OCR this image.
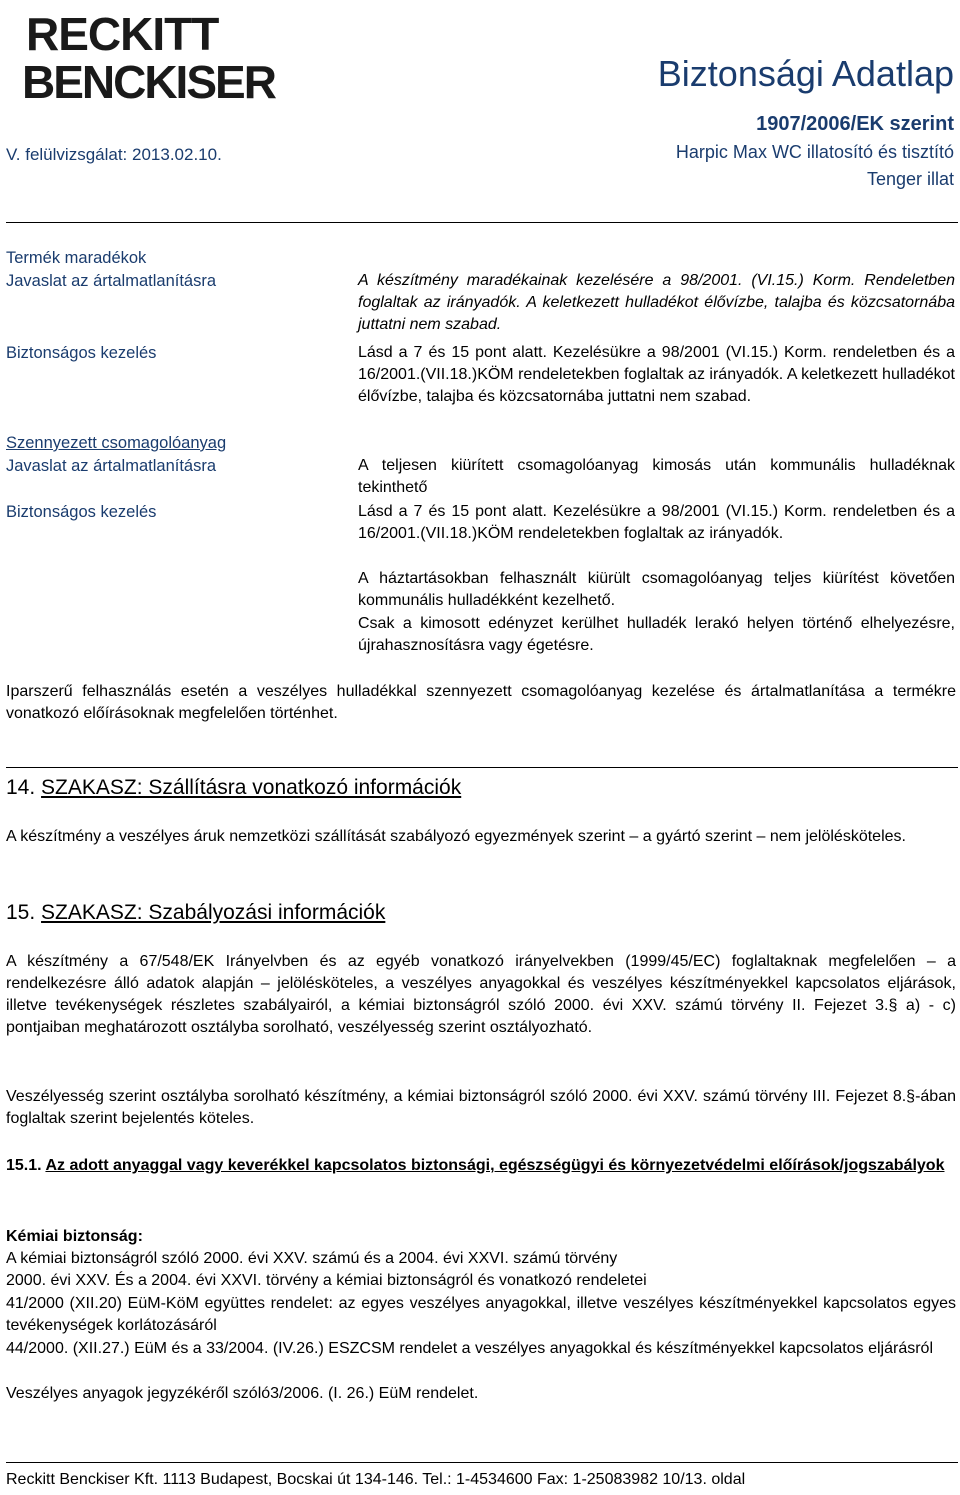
RECKITT
BENCKISER	Biztonsági Adatlap
1907/2006/EK szerint
Harpic Max WC illatosító és tisztító
Tenger illat
V. felülvizsgálat: 2013.02.10.
Termék maradékok
Javaslat az ártalmatlanításra	A készítmény maradékainak kezelésére a 98/2001. (VI.15.) Korm. Rendeletben foglaltak az irányadók. A keletkezett hulladékot élővízbe, talajba és közcsatornába juttatni nem szabad.
Biztonságos kezelés	Lásd a 7 és 15 pont alatt. Kezelésükre a 98/2001 (VI.15.) Korm. rendeletben és a 16/2001.(VII.18.)KÖM rendeletekben foglaltak az irányadók. A keletkezett hulladékot élővízbe, talajba és közcsatornába juttatni nem szabad.
Szennyezett csomagolóanyag
Javaslat az ártalmatlanításra	A teljesen kiürített csomagolóanyag kimosás után kommunális hulladéknak tekinthető
Biztonságos kezelés	Lásd a 7 és 15 pont alatt. Kezelésükre a 98/2001 (VI.15.) Korm. rendeletben és a 16/2001.(VII.18.)KÖM rendeletekben foglaltak az irányadók.
A háztartásokban felhasznált kiürült csomagolóanyag teljes kiürítést követően kommunális hulladékként kezelhető.
Csak a kimosott edényzet kerülhet hulladék lerakó helyen történő elhelyezésre, újrahasznosításra vagy égetésre.
Iparszerű felhasználás esetén a veszélyes hulladékkal szennyezett csomagolóanyag kezelése és ártalmatlanítása a termékre vonatkozó előírásoknak megfelelően történhet.
14. SZAKASZ: Szállításra vonatkozó információk
A készítmény a veszélyes áruk nemzetközi szállítását szabályozó egyezmények szerint – a gyártó szerint – nem jelölésköteles.
15. SZAKASZ: Szabályozási információk
A készítmény a 67/548/EK Irányelvben és az egyéb vonatkozó irányelvekben (1999/45/EC) foglaltaknak megfelelően – a rendelkezésre álló adatok alapján – jelölésköteles, a veszélyes anyagokkal és veszélyes készítményekkel kapcsolatos eljárások, illetve tevékenységek részletes szabályairól, a kémiai biztonságról szóló 2000. évi XXV. számú törvény II. Fejezet 3.§ a) - c) pontjaiban meghatározott osztályba sorolható, veszélyesség szerint osztályozható.
Veszélyesség szerint osztályba sorolható készítmény, a kémiai biztonságról szóló 2000. évi XXV. számú törvény III. Fejezet 8.§-ában foglaltak szerint bejelentés köteles.
15.1. Az adott anyaggal vagy keverékkel kapcsolatos biztonsági, egészségügyi és környezetvédelmi előírások/jogszabályok
Kémiai biztonság:
A kémiai biztonságról szóló 2000. évi XXV. számú és a 2004. évi XXVI. számú törvény
2000. évi XXV. És a 2004. évi XXVI. törvény a kémiai biztonságról és vonatkozó rendeletei
41/2000 (XII.20) EüM-KöM együttes rendelet: az egyes veszélyes anyagokkal, illetve veszélyes készítményekkel kapcsolatos egyes tevékenységek korlátozásáról
44/2000. (XII.27.) EüM és a 33/2004. (IV.26.) ESZCSM rendelet a veszélyes anyagokkal és készítményekkel kapcsolatos eljárásról
Veszélyes anyagok jegyzékéről szóló3/2006. (I. 26.) EüM rendelet.
Reckitt Benckiser Kft. 1113 Budapest, Bocskai út 134-146. Tel.: 1-4534600 Fax: 1-25083982 10/13. oldal
